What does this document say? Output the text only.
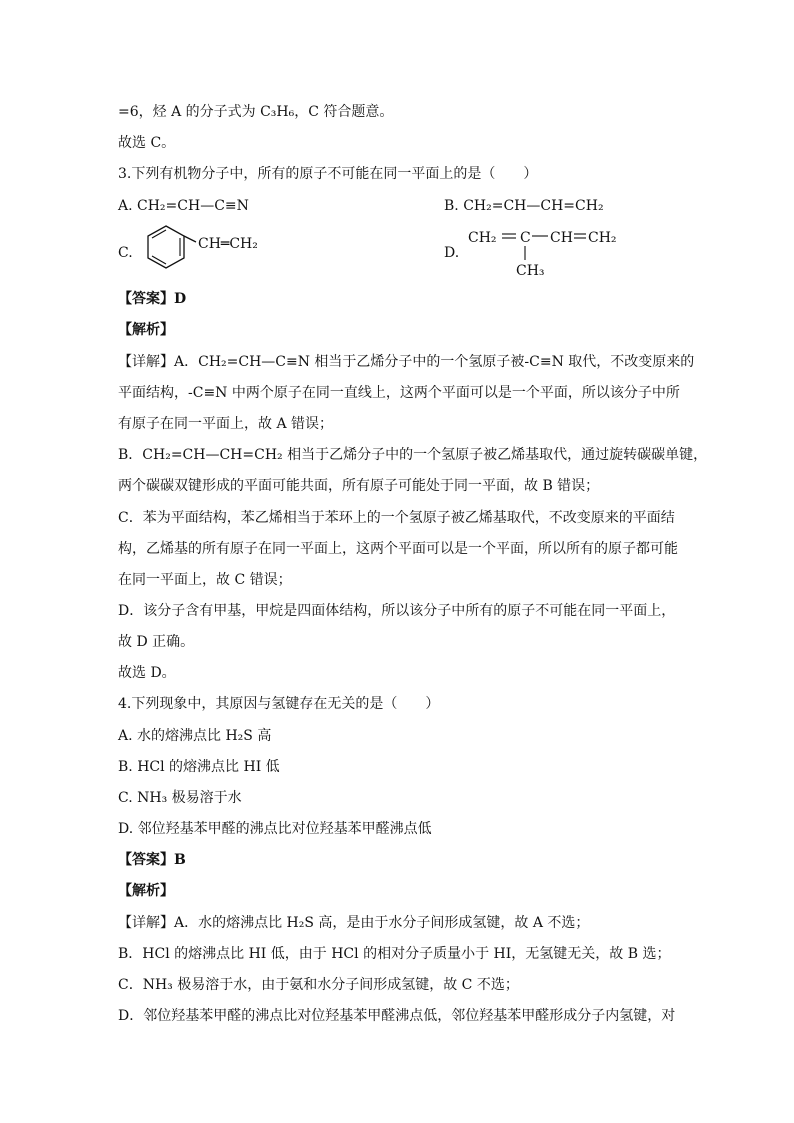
=6，烃 A 的分子式为 C₃H₆，C 符合题意。
故选 C。
3.下列有机物分子中，所有的原子不可能在同一平面上的是（　　）
A. CH₂=CH—C≡N	B. CH₂=CH—CH=CH₂
C.
CH═CH₂
D.
CH₂ C CH CH₂
CH₃
【答案】D
【解析】
【详解】A．CH₂=CH—C≡N 相当于乙烯分子中的一个氢原子被-C≡N 取代，不改变原来的
平面结构，-C≡N 中两个原子在同一直线上，这两个平面可以是一个平面，所以该分子中所
有原子在同一平面上，故 A 错误；
B．CH₂=CH—CH=CH₂ 相当于乙烯分子中的一个氢原子被乙烯基取代，通过旋转碳碳单键，
两个碳碳双键形成的平面可能共面，所有原子可能处于同一平面，故 B 错误；
C．苯为平面结构，苯乙烯相当于苯环上的一个氢原子被乙烯基取代，不改变原来的平面结
构，乙烯基的所有原子在同一平面上，这两个平面可以是一个平面，所以所有的原子都可能
在同一平面上，故 C 错误；
D．该分子含有甲基，甲烷是四面体结构，所以该分子中所有的原子不可能在同一平面上，
故 D 正确。
故选 D。
4.下列现象中，其原因与氢键存在无关的是（　　）
A. 水的熔沸点比 H₂S 高
B. HCl 的熔沸点比 HI 低
C. NH₃ 极易溶于水
D. 邻位羟基苯甲醛的沸点比对位羟基苯甲醛沸点低
【答案】B
【解析】
【详解】A．水的熔沸点比 H₂S 高，是由于水分子间形成氢键，故 A 不选；
B．HCl 的熔沸点比 HI 低，由于 HCl 的相对分子质量小于 HI，无氢键无关，故 B 选；
C．NH₃ 极易溶于水，由于氨和水分子间形成氢键，故 C 不选；
D．邻位羟基苯甲醛的沸点比对位羟基苯甲醛沸点低，邻位羟基苯甲醛形成分子内氢键，对
